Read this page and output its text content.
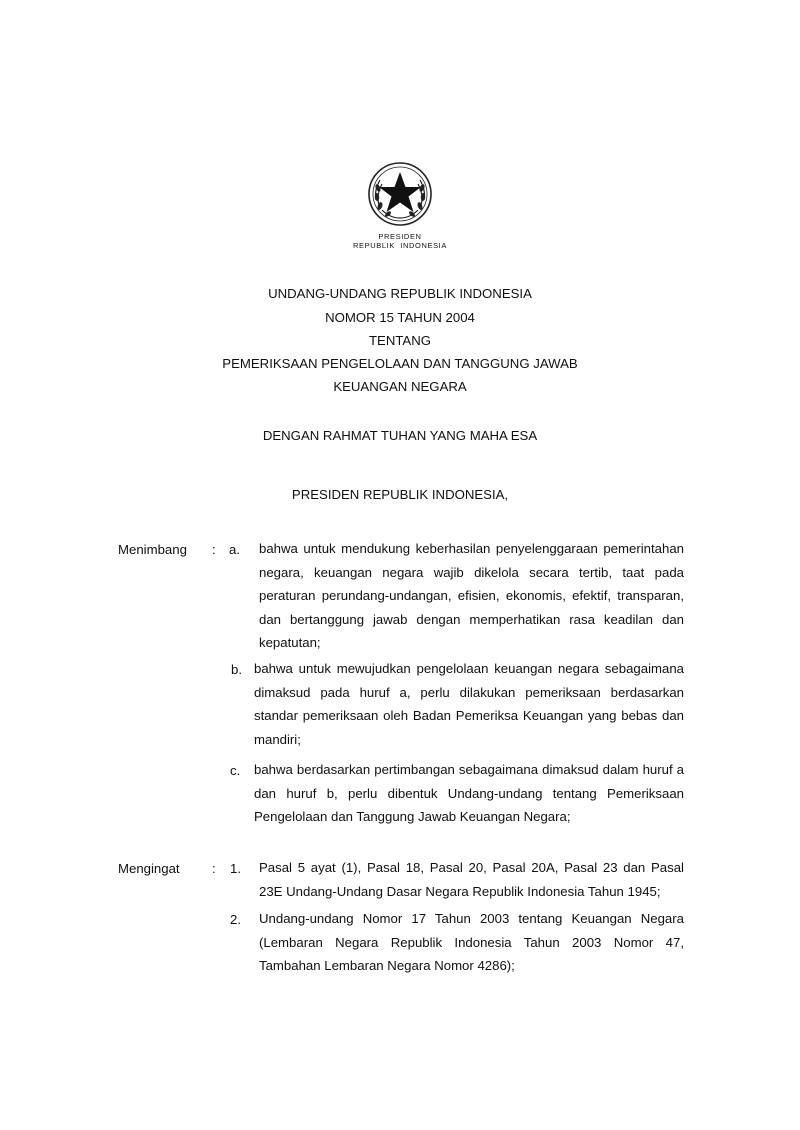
PRESIDEN
REPUBLIK  INDONESIA
UNDANG-UNDANG REPUBLIK INDONESIA
NOMOR 15 TAHUN 2004
TENTANG
PEMERIKSAAN PENGELOLAAN DAN TANGGUNG JAWAB
KEUANGAN NEGARA
DENGAN RAHMAT TUHAN YANG MAHA ESA
PRESIDEN REPUBLIK INDONESIA,
Menimbang : a. bahwa untuk mendukung keberhasilan penyelenggaraan pemerintahan negara, keuangan negara wajib dikelola secara tertib, taat pada peraturan perundang-undangan, efisien, ekonomis, efektif, transparan, dan bertanggung jawab dengan memperhatikan rasa keadilan dan kepatutan;
b. bahwa untuk mewujudkan pengelolaan keuangan negara sebagaimana dimaksud pada huruf a, perlu dilakukan pemeriksaan berdasarkan standar pemeriksaan oleh Badan Pemeriksa Keuangan yang bebas dan mandiri;
c. bahwa berdasarkan pertimbangan sebagaimana dimaksud dalam huruf a dan huruf b, perlu dibentuk Undang-undang tentang Pemeriksaan Pengelolaan dan Tanggung Jawab Keuangan Negara;
Mengingat : 1. Pasal 5 ayat (1), Pasal 18, Pasal 20, Pasal 20A, Pasal 23 dan Pasal 23E Undang-Undang Dasar Negara Republik Indonesia Tahun 1945;
2. Undang-undang Nomor 17 Tahun 2003 tentang Keuangan Negara (Lembaran Negara Republik Indonesia Tahun 2003 Nomor 47, Tambahan Lembaran Negara Nomor 4286);
